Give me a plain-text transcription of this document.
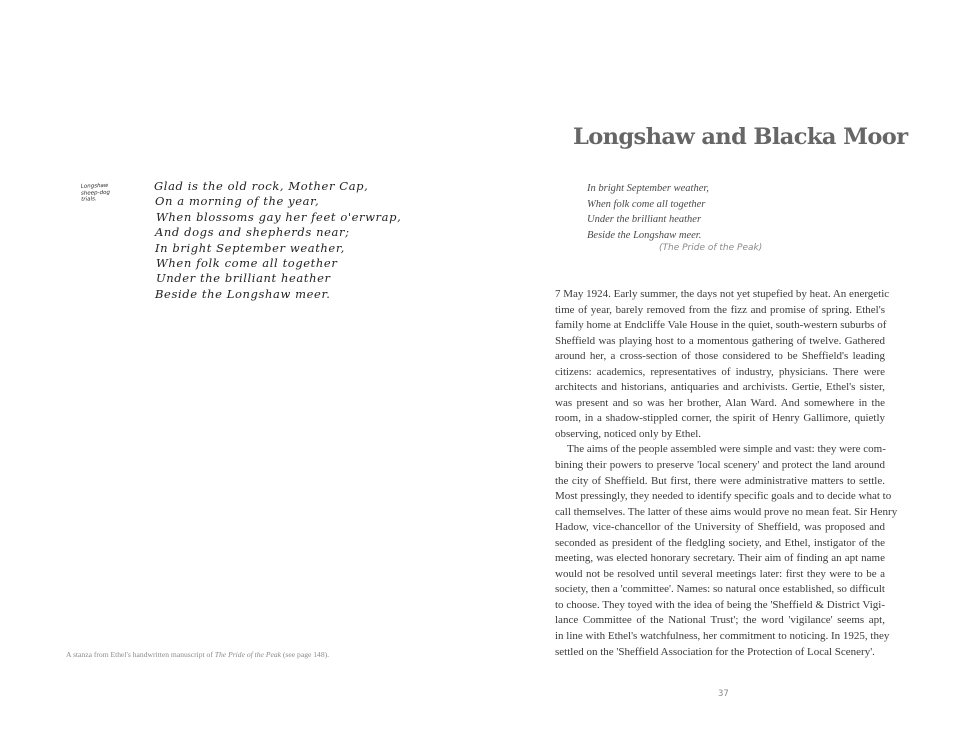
Longshaw
sheep-dog
trials.
Glad is the old rock, Mother Cap,
On a morning of the year,
When blossoms gay her feet o'erwrap,
And dogs and shepherds near;
In bright September weather,
When folk come all together
Under the brilliant heather
Beside the Longshaw meer.
A stanza from Ethel's handwritten manuscript of The Pride of the Peak (see page 148).
Longshaw and Blacka Moor
In bright September weather,
When folk come all together
Under the brilliant heather
Beside the Longshaw meer.
(The Pride of the Peak)

7 May 1924. Early summer, the days not yet stupefied by heat. An energetic
time of year, barely removed from the fizz and promise of spring. Ethel's
family home at Endcliffe Vale House in the quiet, south-western suburbs of
Sheffield was playing host to a momentous gathering of twelve. Gathered
around her, a cross-section of those considered to be Sheffield's leading
citizens: academics, representatives of industry, physicians. There were
architects and historians, antiquaries and archivists. Gertie, Ethel's sister,
was present and so was her brother, Alan Ward. And somewhere in the
room, in a shadow-stippled corner, the spirit of Henry Gallimore, quietly
observing, noticed only by Ethel.

The aims of the people assembled were simple and vast: they were com-
bining their powers to preserve 'local scenery' and protect the land around
the city of Sheffield. But first, there were administrative matters to settle.
Most pressingly, they needed to identify specific goals and to decide what to
call themselves. The latter of these aims would prove no mean feat. Sir Henry
Hadow, vice-chancellor of the University of Sheffield, was proposed and
seconded as president of the fledgling society, and Ethel, instigator of the
meeting, was elected honorary secretary. Their aim of finding an apt name
would not be resolved until several meetings later: first they were to be a
society, then a 'committee'. Names: so natural once established, so difficult
to choose. They toyed with the idea of being the 'Sheffield & District Vigi-
lance Committee of the National Trust'; the word 'vigilance' seems apt,
in line with Ethel's watchfulness, her commitment to noticing. In 1925, they
settled on the 'Sheffield Association for the Protection of Local Scenery'.

37
